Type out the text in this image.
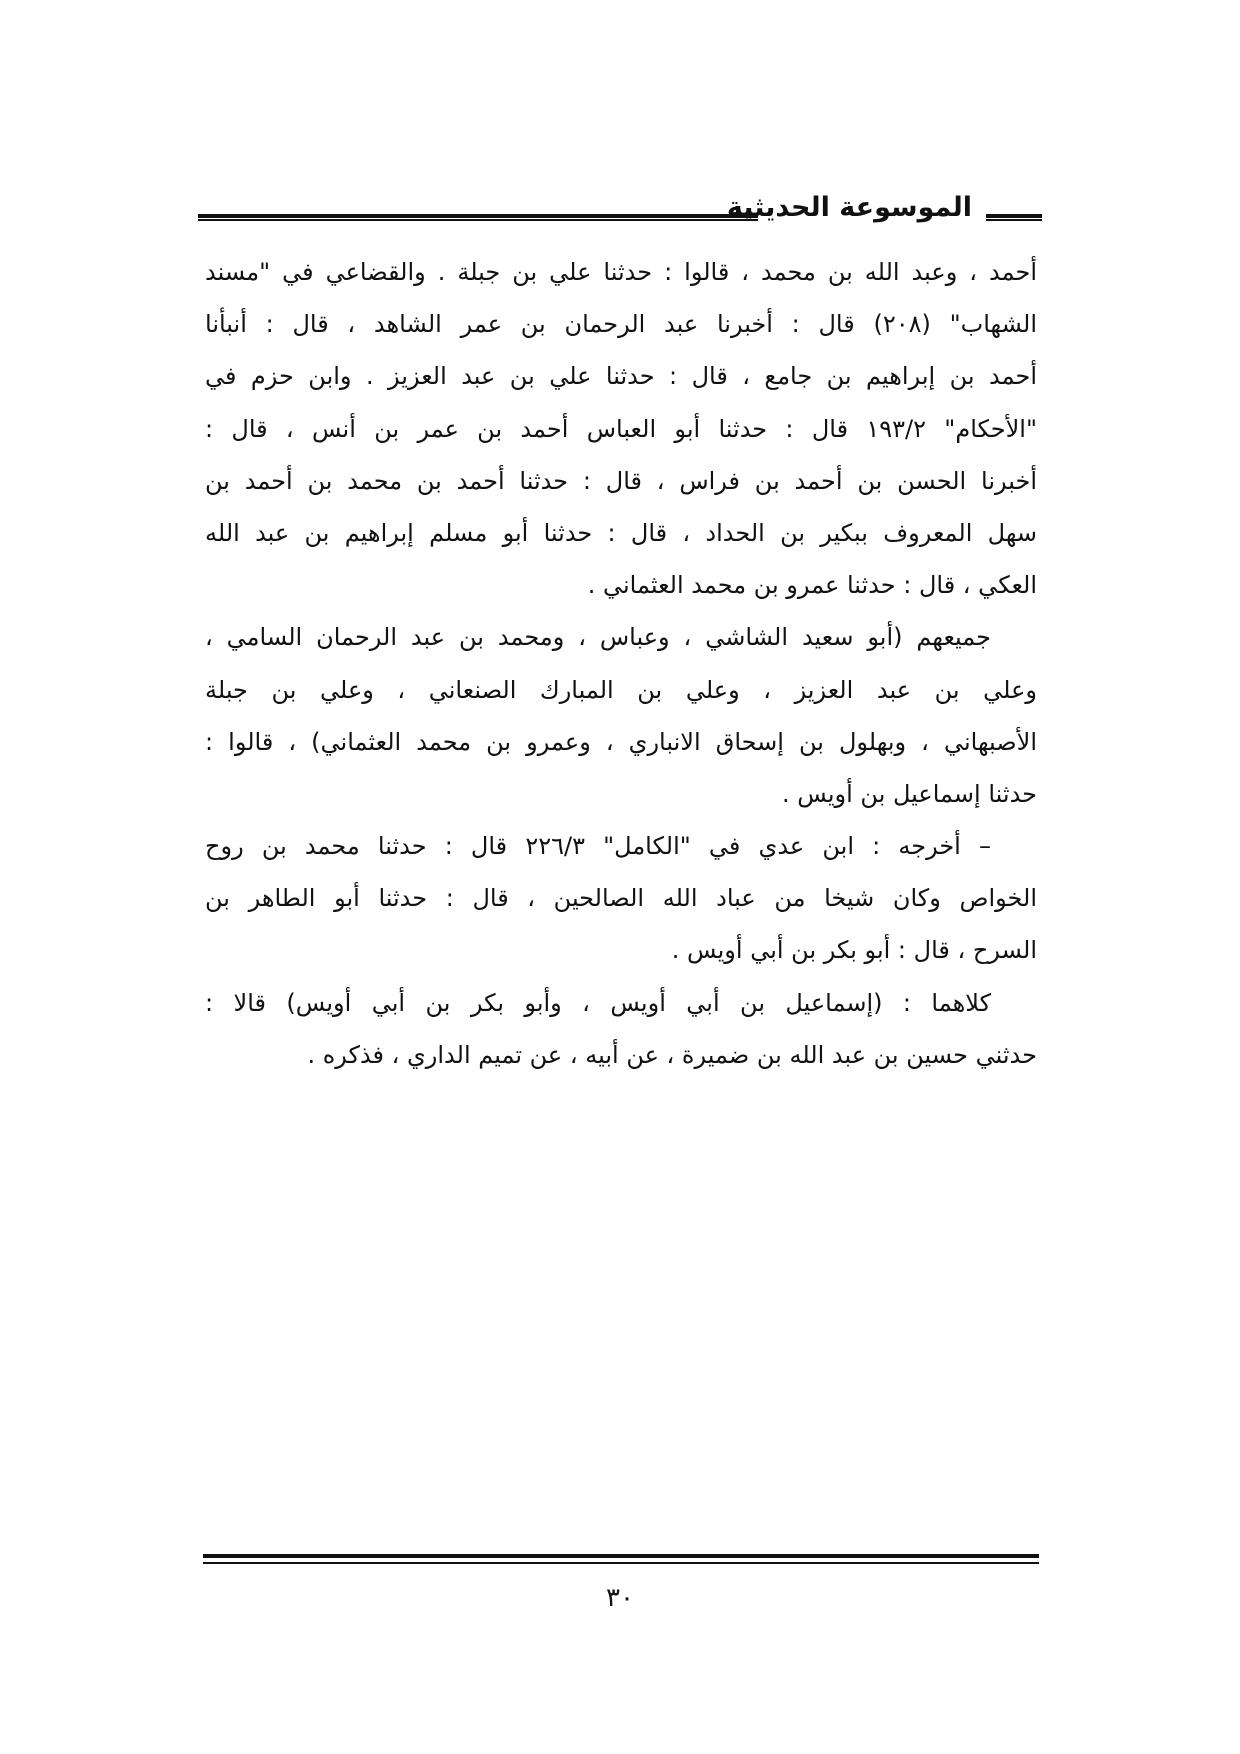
الموسوعة الحديثية
أحمد ، وعبد الله بن محمد ، قالوا : حدثنا علي بن جبلة . والقضاعي في "مسند
الشهاب" (٢٠٨) قال : أخبرنا عبد الرحمان بن عمر الشاهد ، قال : أنبأنا
أحمد بن إبراهيم بن جامع ، قال : حدثنا علي بن عبد العزيز . وابن حزم في
"الأحكام" ١٩٣/٢ قال : حدثنا أبو العباس أحمد بن عمر بن أنس ، قال :
أخبرنا الحسن بن أحمد بن فراس ، قال : حدثنا أحمد بن محمد بن أحمد بن
سهل المعروف ببكير بن الحداد ، قال : حدثنا أبو مسلم إبراهيم بن عبد الله
العكي ، قال : حدثنا عمرو بن محمد العثماني .
جميعهم (أبو سعيد الشاشي ، وعباس ، ومحمد بن عبد الرحمان السامي ،
وعلي بن عبد العزيز ، وعلي بن المبارك الصنعاني ، وعلي بن جبلة
الأصبهاني ، وبهلول بن إسحاق الانباري ، وعمرو بن محمد العثماني) ، قالوا :
حدثنا إسماعيل بن أويس .
– أخرجه : ابن عدي في "الكامل" ٢٢٦/٣ قال : حدثنا محمد بن روح
الخواص وكان شيخا من عباد الله الصالحين ، قال : حدثنا أبو الطاهر بن
السرح ، قال : أبو بكر بن أبي أويس .
كلاهما : (إسماعيل بن أبي أويس ، وأبو بكر بن أبي أويس) قالا :
حدثني حسين بن عبد الله بن ضميرة ، عن أبيه ، عن تميم الداري ، فذكره .
٣٠
